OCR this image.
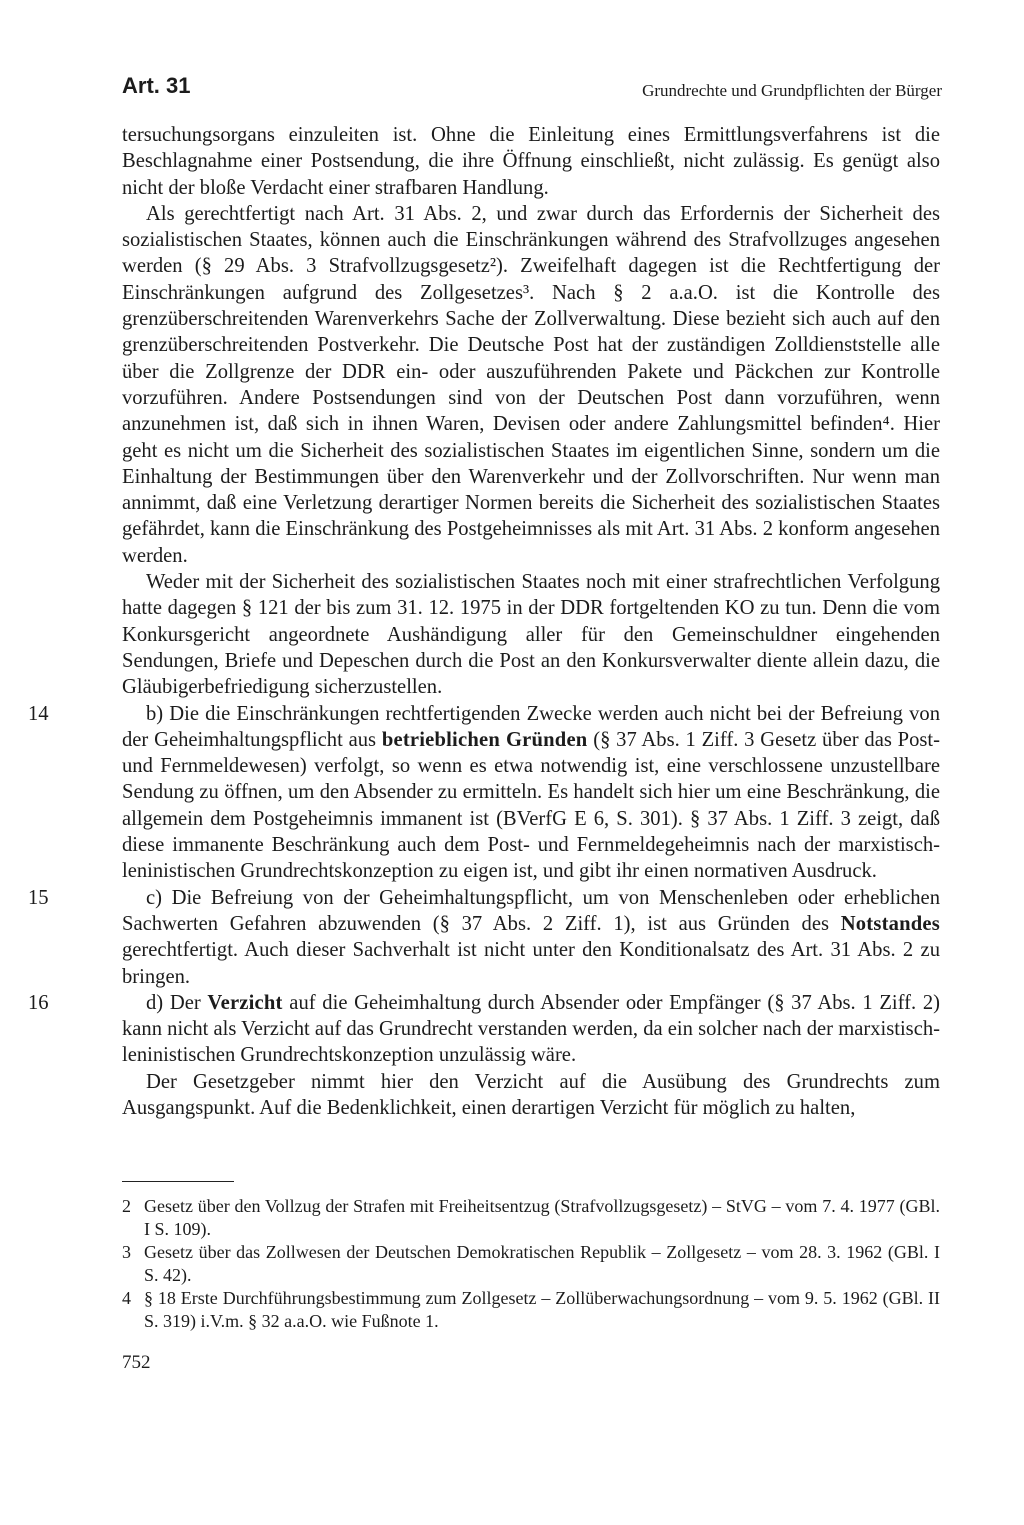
Art. 31	Grundrechte und Grundpflichten der Bürger

tersuchungsorgans einzuleiten ist. Ohne die Einleitung eines Ermittlungsverfahrens ist die Beschlagnahme einer Postsendung, die ihre Öffnung einschließt, nicht zulässig. Es genügt also nicht der bloße Verdacht einer strafbaren Handlung.

Als gerechtfertigt nach Art. 31 Abs. 2, und zwar durch das Erfordernis der Sicherheit des sozialistischen Staates, können auch die Einschränkungen während des Strafvollzuges angesehen werden (§ 29 Abs. 3 Strafvollzugsgesetz²). Zweifelhaft dagegen ist die Rechtfertigung der Einschränkungen aufgrund des Zollgesetzes³. Nach § 2 a.a.O. ist die Kontrolle des grenzüberschreitenden Warenverkehrs Sache der Zollverwaltung. Diese bezieht sich auch auf den grenzüberschreitenden Postverkehr. Die Deutsche Post hat der zuständigen Zolldienststelle alle über die Zollgrenze der DDR ein- oder auszuführenden Pakete und Päckchen zur Kontrolle vorzuführen. Andere Postsendungen sind von der Deutschen Post dann vorzuführen, wenn anzunehmen ist, daß sich in ihnen Waren, Devisen oder andere Zahlungsmittel befinden⁴. Hier geht es nicht um die Sicherheit des sozialistischen Staates im eigentlichen Sinne, sondern um die Einhaltung der Bestimmungen über den Warenverkehr und der Zollvorschriften. Nur wenn man annimmt, daß eine Verletzung derartiger Normen bereits die Sicherheit des sozialistischen Staates gefährdet, kann die Einschränkung des Postgeheimnisses als mit Art. 31 Abs. 2 konform angesehen werden.

Weder mit der Sicherheit des sozialistischen Staates noch mit einer strafrechtlichen Verfolgung hatte dagegen § 121 der bis zum 31. 12. 1975 in der DDR fortgeltenden KO zu tun. Denn die vom Konkursgericht angeordnete Aushändigung aller für den Gemeinschuldner eingehenden Sendungen, Briefe und Depeschen durch die Post an den Konkursverwalter diente allein dazu, die Gläubigerbefriedigung sicherzustellen.

14	b) Die die Einschränkungen rechtfertigenden Zwecke werden auch nicht bei der Befreiung von der Geheimhaltungspflicht aus betrieblichen Gründen (§ 37 Abs. 1 Ziff. 3 Gesetz über das Post- und Fernmeldewesen) verfolgt, so wenn es etwa notwendig ist, eine verschlossene unzustellbare Sendung zu öffnen, um den Absender zu ermitteln. Es handelt sich hier um eine Beschränkung, die allgemein dem Postgeheimnis immanent ist (BVerfG E 6, S. 301). § 37 Abs. 1 Ziff. 3 zeigt, daß diese immanente Beschränkung auch dem Post- und Fernmeldegeheimnis nach der marxistisch-leninistischen Grundrechtskonzeption zu eigen ist, und gibt ihr einen normativen Ausdruck.

15	c) Die Befreiung von der Geheimhaltungspflicht, um von Menschenleben oder erheblichen Sachwerten Gefahren abzuwenden (§ 37 Abs. 2 Ziff. 1), ist aus Gründen des Notstandes gerechtfertigt. Auch dieser Sachverhalt ist nicht unter den Konditionalsatz des Art. 31 Abs. 2 zu bringen.

16	d) Der Verzicht auf die Geheimhaltung durch Absender oder Empfänger (§ 37 Abs. 1 Ziff. 2) kann nicht als Verzicht auf das Grundrecht verstanden werden, da ein solcher nach der marxistisch-leninistischen Grundrechtskonzeption unzulässig wäre.

Der Gesetzgeber nimmt hier den Verzicht auf die Ausübung des Grundrechts zum Ausgangspunkt. Auf die Bedenklichkeit, einen derartigen Verzicht für möglich zu halten,

2 Gesetz über den Vollzug der Strafen mit Freiheitsentzug (Strafvollzugsgesetz) – StVG – vom 7. 4. 1977 (GBl. I S. 109).
3 Gesetz über das Zollwesen der Deutschen Demokratischen Republik – Zollgesetz – vom 28. 3. 1962 (GBl. I S. 42).
4 § 18 Erste Durchführungsbestimmung zum Zollgesetz – Zollüberwachungsordnung – vom 9. 5. 1962 (GBl. II S. 319) i.V.m. § 32 a.a.O. wie Fußnote 1.
752
